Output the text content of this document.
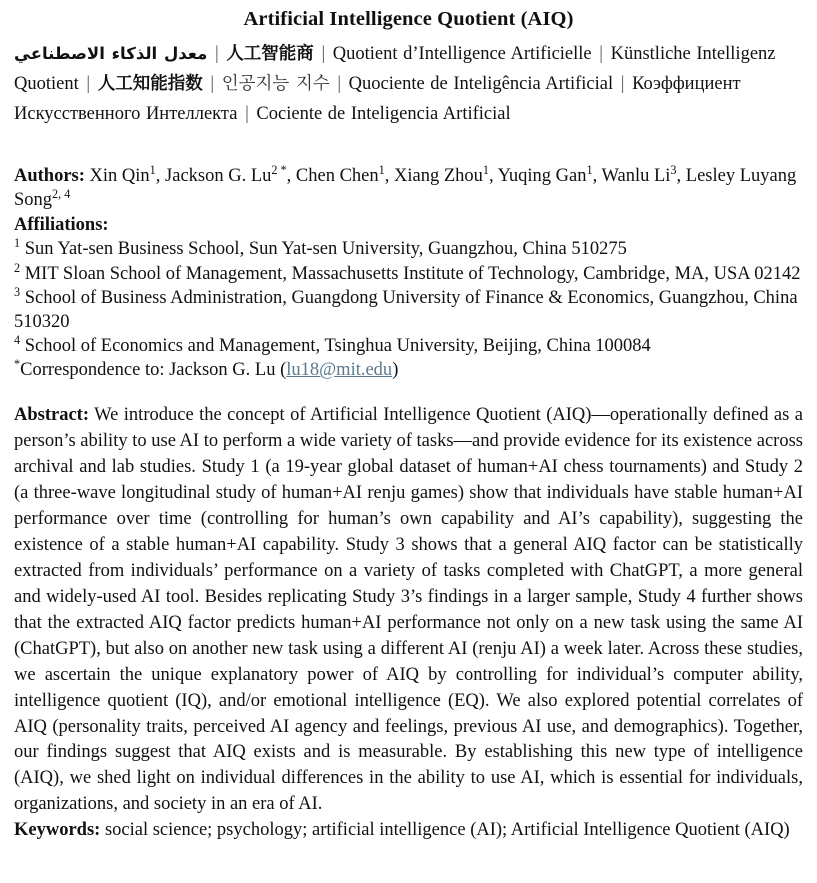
Artificial Intelligence Quotient (AIQ)
معدل الذكاء الاصطناعي | 人工智能商 | Quotient d’Intelligence Artificielle | Künstliche Intelligenz Quotient | 人工知能指数 | 인공지능 지수 | Quociente de Inteligência Artificial | Коэффициент Искусственного Интеллекта | Cociente de Inteligencia Artificial
Authors: Xin Qin$^1$, Jackson G. $Lu^{2 *}$, Chen Chen$^1$, Xiang Zhou$^1$, Yuqing Gan$^1$, Wanlu Li$^3$, Lesley Luyang Song$^{2, 4}$
Affiliations:
$^1$ Sun Yat-sen Business School, Sun Yat-sen University, Guangzhou, China 510275
$^2$ MIT Sloan School of Management, Massachusetts Institute of Technology, Cambridge, MA, USA 02142
$^3$ School of Business Administration, Guangdong University of Finance & Economics, Guangzhou, China 510320
$^4$ School of Economics and Management, Tsinghua University, Beijing, China 100084
*Correspondence to: Jackson G. Lu (lu18@mit.edu)
Abstract: We introduce the concept of Artificial Intelligence Quotient (AIQ)—operationally defined as a person’s ability to use AI to perform a wide variety of tasks—and provide evidence for its existence across archival and lab studies. Study 1 (a 19-year global dataset of human+AI chess tournaments) and Study 2 (a three-wave longitudinal study of human+AI renju games) show that individuals have stable human+AI performance over time (controlling for human’s own capability and AI’s capability), suggesting the existence of a stable human+AI capability. Study 3 shows that a general AIQ factor can be statistically extracted from individuals’ performance on a variety of tasks completed with ChatGPT, a more general and widely-used AI tool. Besides replicating Study 3’s findings in a larger sample, Study 4 further shows that the extracted AIQ factor predicts human+AI performance not only on a new task using the same AI (ChatGPT), but also on another new task using a different AI (renju AI) a week later. Across these studies, we ascertain the unique explanatory power of AIQ by controlling for individual’s computer ability, intelligence quotient (IQ), and/or emotional intelligence (EQ). We also explored potential correlates of AIQ (personality traits, perceived AI agency and feelings, previous AI use, and demographics). Together, our findings suggest that AIQ exists and is measurable. By establishing this new type of intelligence (AIQ), we shed light on individual differences in the ability to use AI, which is essential for individuals, organizations, and society in an era of AI.
Keywords: social science; psychology; artificial intelligence (AI); Artificial Intelligence Quotient (AIQ)
